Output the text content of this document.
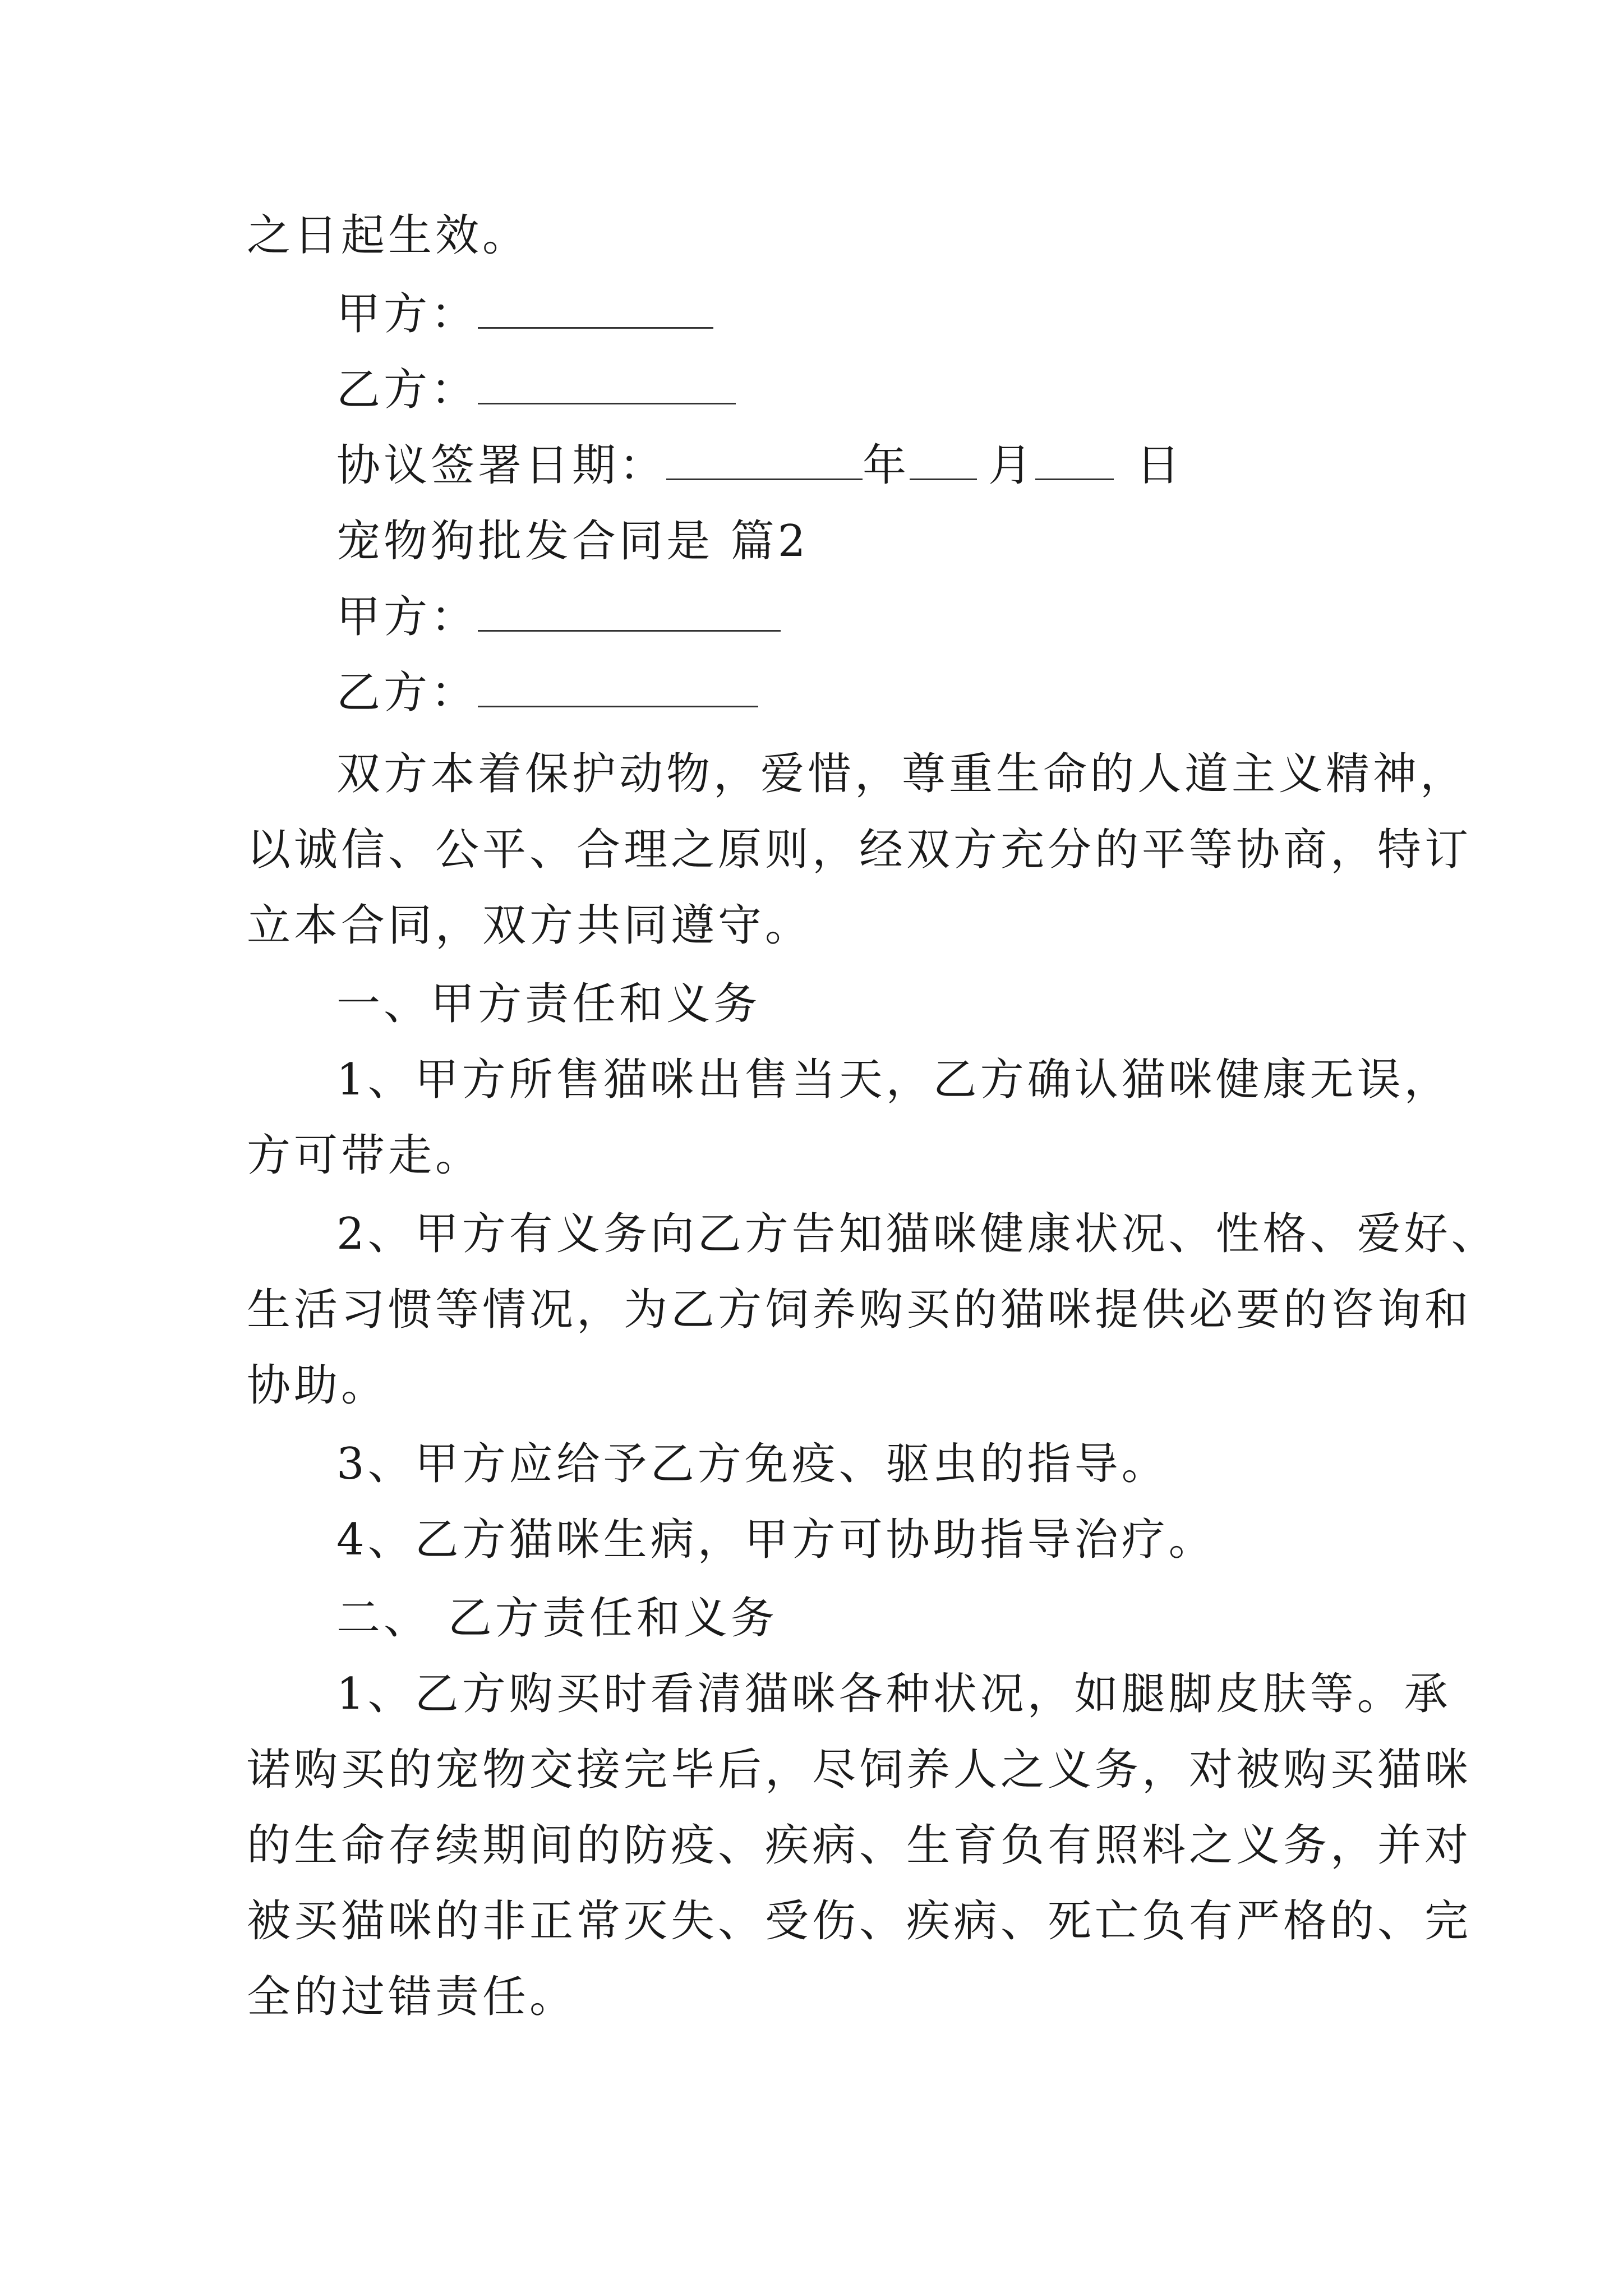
之日起生效。
甲方：
乙方：
协议签署日期：	年 月 日
宠物狗批发合同是 篇2
甲方：
乙方：
双方本着保护动物，爱惜，尊重生命的人道主义精神，
以诚信、公平、合理之原则，经双方充分的平等协商，特订
立本合同，双方共同遵守。
一、甲方责任和义务
1、甲方所售猫咪出售当天，乙方确认猫咪健康无误，
方可带走。
2、甲方有义务向乙方告知猫咪健康状况、性格、爱好、
生活习惯等情况，为乙方饲养购买的猫咪提供必要的咨询和
协助。
3、甲方应给予乙方免疫、驱虫的指导。
4、乙方猫咪生病，甲方可协助指导治疗。
二、 乙方责任和义务
1、乙方购买时看清猫咪各种状况，如腿脚皮肤等。承
诺购买的宠物交接完毕后，尽饲养人之义务，对被购买猫咪
的生命存续期间的防疫、疾病、生育负有照料之义务，并对
被买猫咪的非正常灭失、受伤、疾病、死亡负有严格的、完
全的过错责任。
